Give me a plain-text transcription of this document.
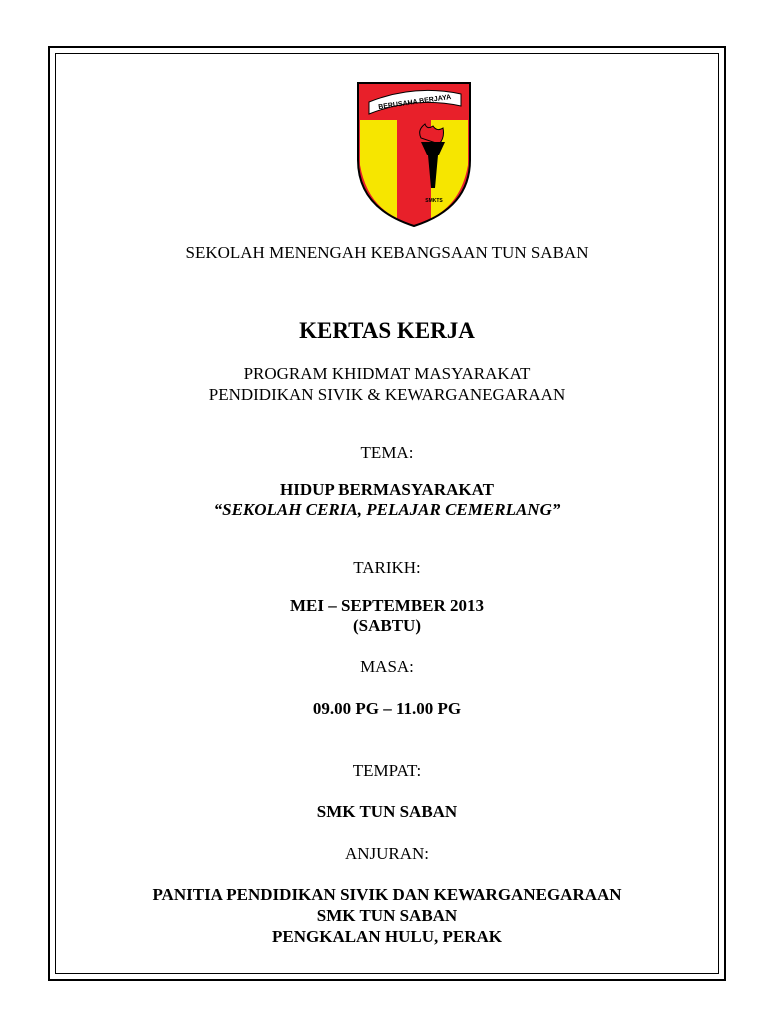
BERUSAHA BERJAYA
SMKTS
SEKOLAH MENENGAH KEBANGSAAN TUN SABAN
KERTAS KERJA
PROGRAM KHIDMAT MASYARAKAT
PENDIDIKAN SIVIK & KEWARGANEGARAAN
TEMA:
HIDUP BERMASYARAKAT
“SEKOLAH CERIA, PELAJAR CEMERLANG”
TARIKH:
MEI – SEPTEMBER 2013
(SABTU)
MASA:
09.00 PG – 11.00 PG
TEMPAT:
SMK TUN SABAN
ANJURAN:
PANITIA PENDIDIKAN SIVIK DAN KEWARGANEGARAAN
SMK TUN SABAN
PENGKALAN HULU, PERAK
